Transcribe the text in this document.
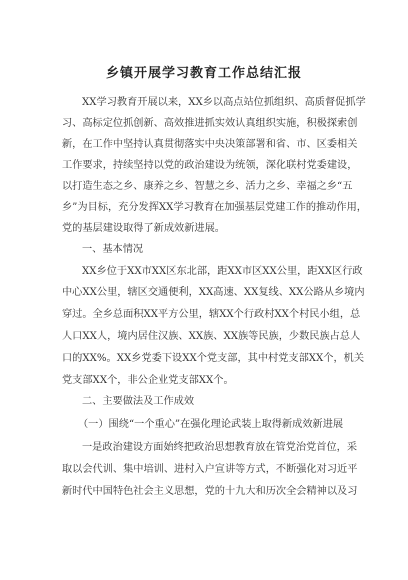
乡镇开展学习教育工作总结汇报
XX学习教育开展以来，XX乡以高点站位抓组织、高质督促抓学
习、高标定位抓创新、高效推进抓实效认真组织实施，积极探索创
新，在工作中坚持认真贯彻落实中央决策部署和省、市、区委相关
工作要求，持续坚持以党的政治建设为统领，深化联村党委建设，
以打造生态之乡、康养之乡、智慧之乡、活力之乡、幸福之乡“五
乡”为目标，充分发挥XX学习教育在加强基层党建工作的推动作用，
党的基层建设取得了新成效新进展。
一、基本情况
XX乡位于XX市XX区东北部，距XX市区XX公里，距XX区行政
中心XX公里，辖区交通便利，XX高速、XX复线、XX公路从乡境内
穿过。全乡总面积XX平方公里，辖XX个行政村XX个村民小组，总
人口XX人，境内居住汉族、XX族、XX族等民族，少数民族占总人
口的XX%。XX乡党委下设XX个党支部，其中村党支部XX个，机关
党支部XX个，非公企业党支部XX个。
二、主要做法及工作成效
（一）围绕“一个重心”在强化理论武装上取得新成效新进展
一是政治建设方面始终把政治思想教育放在管党治党首位，采
取以会代训、集中培训、进村入户宣讲等方式，不断强化对习近平
新时代中国特色社会主义思想，党的十九大和历次全会精神以及习
